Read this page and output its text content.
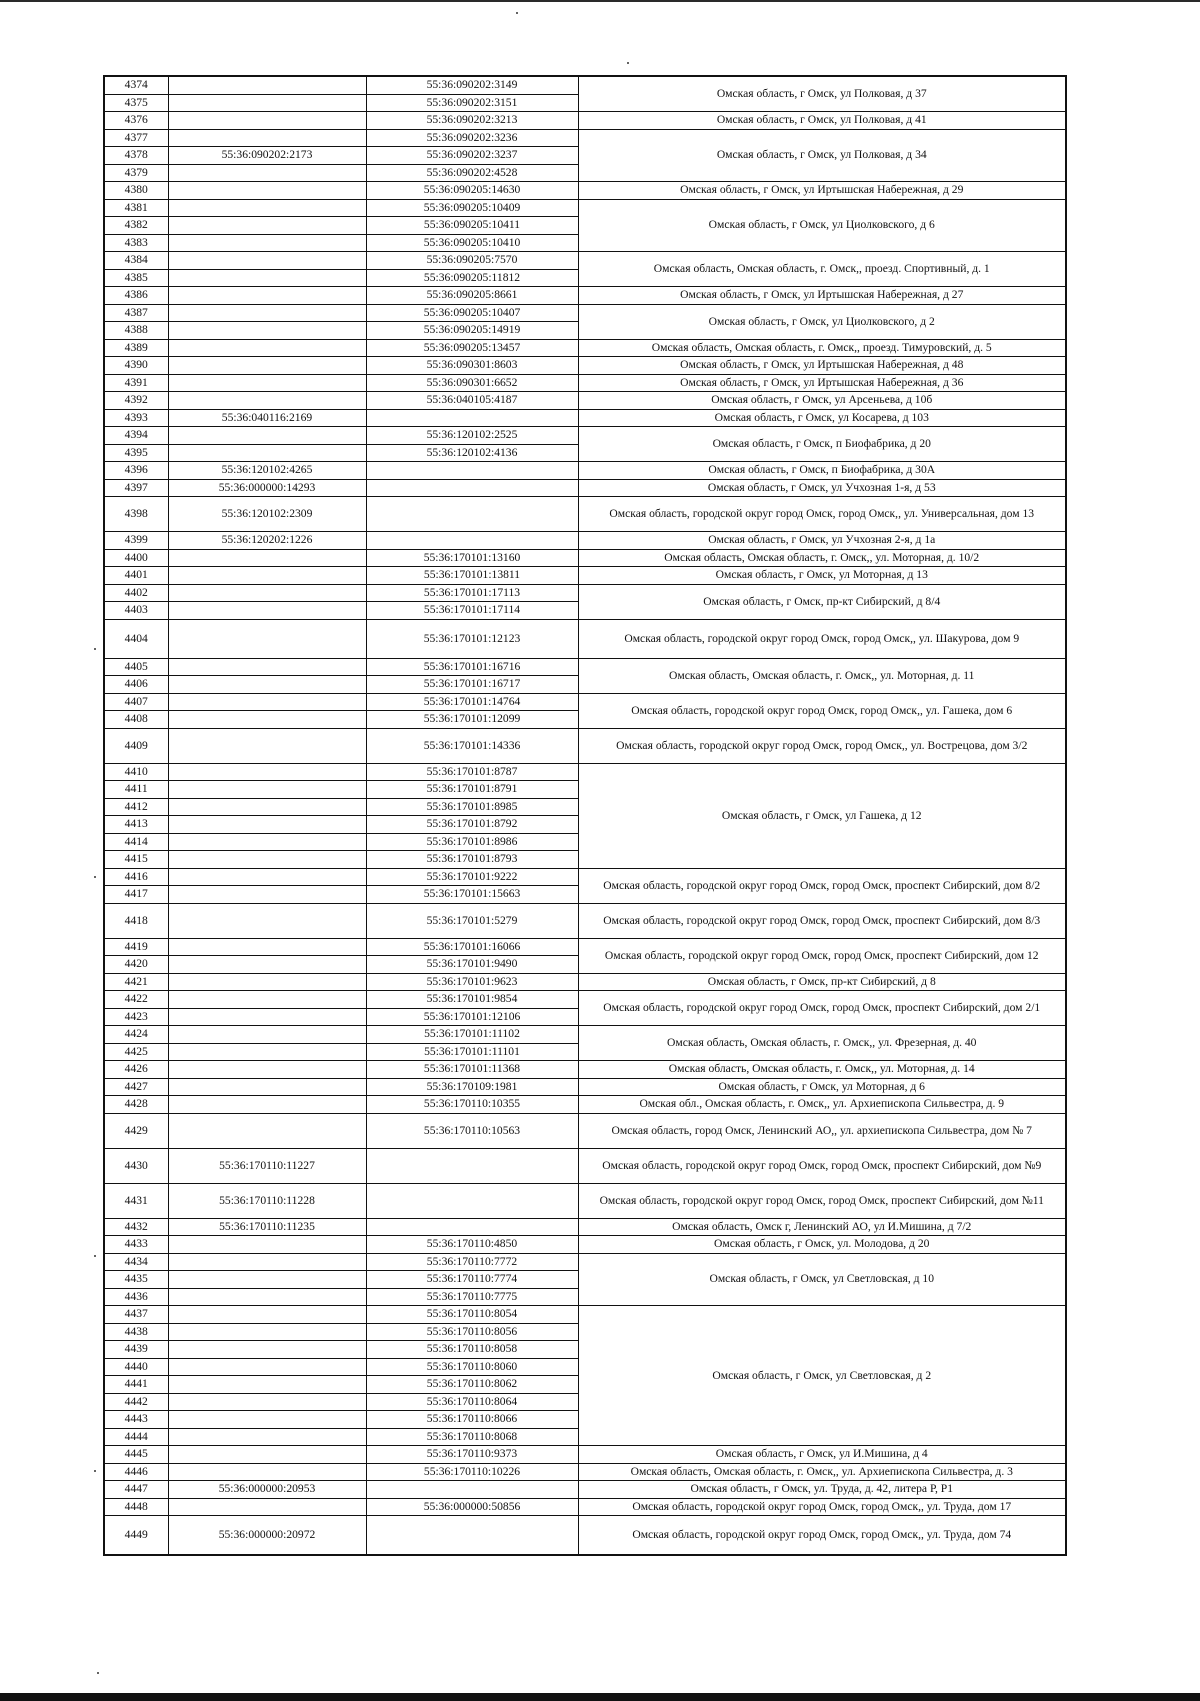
4374		55:36:090202:3149	Омская область, г Омск, ул Полковая, д 37
4375		55:36:090202:3151	
4376		55:36:090202:3213	Омская область, г Омск, ул Полковая, д 41
4377		55:36:090202:3236	Омская область, г Омск, ул Полковая, д 34
4378	55:36:090202:2173	55:36:090202:3237	
4379		55:36:090202:4528	
4380		55:36:090205:14630	Омская область, г Омск, ул Иртышская Набережная, д 29
4381		55:36:090205:10409	Омская область, г Омск, ул Циолковского, д 6
4382		55:36:090205:10411	
4383		55:36:090205:10410	
4384		55:36:090205:7570	Омская область, Омская область, г. Омск,, проезд. Спортивный, д. 1
4385		55:36:090205:11812	
4386		55:36:090205:8661	Омская область, г Омск, ул Иртышская Набережная, д 27
4387		55:36:090205:10407	Омская область, г Омск, ул Циолковского, д 2
4388		55:36:090205:14919	
4389		55:36:090205:13457	Омская область, Омская область, г. Омск,, проезд. Тимуровский, д. 5
4390		55:36:090301:8603	Омская область, г Омск, ул Иртышская Набережная, д 48
4391		55:36:090301:6652	Омская область, г Омск, ул Иртышская Набережная, д 36
4392		55:36:040105:4187	Омская область, г Омск, ул Арсеньева, д 10б
4393	55:36:040116:2169		Омская область, г Омск, ул Косарева, д 103
4394		55:36:120102:2525	Омская область, г Омск, п Биофабрика, д 20
4395		55:36:120102:4136	
4396	55:36:120102:4265		Омская область, г Омск, п Биофабрика, д 30А
4397	55:36:000000:14293		Омская область, г Омск, ул Учхозная 1-я, д 53
4398	55:36:120102:2309		Омская область, городской округ город Омск, город Омск,, ул. Универсальная, дом 13
4399	55:36:120202:1226		Омская область, г Омск, ул Учхозная 2-я, д 1а
4400		55:36:170101:13160	Омская область, Омская область, г. Омск,, ул. Моторная, д. 10/2
4401		55:36:170101:13811	Омская область, г Омск, ул Моторная, д 13
4402		55:36:170101:17113	Омская область, г Омск, пр-кт Сибирский, д 8/4
4403		55:36:170101:17114	
4404		55:36:170101:12123	Омская область, городской округ город Омск, город Омск,, ул. Шакурова, дом 9
4405		55:36:170101:16716	Омская область, Омская область, г. Омск,, ул. Моторная, д. 11
4406		55:36:170101:16717	
4407		55:36:170101:14764	Омская область, городской округ город Омск, город Омск,, ул. Гашека, дом 6
4408		55:36:170101:12099	
4409		55:36:170101:14336	Омская область, городской округ город Омск, город Омск,, ул. Вострецова, дом 3/2
4410		55:36:170101:8787	Омская область, г Омск, ул Гашека, д 12
4411		55:36:170101:8791	
4412		55:36:170101:8985	
4413		55:36:170101:8792	
4414		55:36:170101:8986	
4415		55:36:170101:8793	
4416		55:36:170101:9222	Омская область, городской округ город Омск, город Омск, проспект Сибирский, дом 8/2
4417		55:36:170101:15663	
4418		55:36:170101:5279	Омская область, городской округ город Омск, город Омск, проспект Сибирский, дом 8/3
4419		55:36:170101:16066	Омская область, городской округ город Омск, город Омск, проспект Сибирский, дом 12
4420		55:36:170101:9490	
4421		55:36:170101:9623	Омская область, г Омск, пр-кт Сибирский, д 8
4422		55:36:170101:9854	Омская область, городской округ город Омск, город Омск, проспект Сибирский, дом 2/1
4423		55:36:170101:12106	
4424		55:36:170101:11102	Омская область, Омская область, г. Омск,, ул. Фрезерная, д. 40
4425		55:36:170101:11101	
4426		55:36:170101:11368	Омская область, Омская область, г. Омск,, ул. Моторная, д. 14
4427		55:36:170109:1981	Омская область, г Омск, ул Моторная, д 6
4428		55:36:170110:10355	Омская обл., Омская область, г. Омск,, ул. Архиепископа Сильвестра, д. 9
4429		55:36:170110:10563	Омская область, город Омск, Ленинский АО,, ул. архиепископа Сильвестра, дом № 7
4430	55:36:170110:11227		Омская область, городской округ город Омск, город Омск, проспект Сибирский, дом №9
4431	55:36:170110:11228		Омская область, городской округ город Омск, город Омск, проспект Сибирский, дом №11
4432	55:36:170110:11235		Омская область, Омск г, Ленинский АО, ул И.Мишина, д 7/2
4433		55:36:170110:4850	Омская область, г Омск, ул. Молодова, д 20
4434		55:36:170110:7772	Омская область, г Омск, ул Светловская, д 10
4435		55:36:170110:7774	
4436		55:36:170110:7775	
4437		55:36:170110:8054	Омская область, г Омск, ул Светловская, д 2
4438		55:36:170110:8056	
4439		55:36:170110:8058	
4440		55:36:170110:8060	
4441		55:36:170110:8062	
4442		55:36:170110:8064	
4443		55:36:170110:8066	
4444		55:36:170110:8068	
4445		55:36:170110:9373	Омская область, г Омск, ул И.Мишина, д 4
4446		55:36:170110:10226	Омская область, Омская область, г. Омск,, ул. Архиепископа Сильвестра, д. 3
4447	55:36:000000:20953		Омская область, г Омск, ул. Труда, д. 42, литера Р, Р1
4448		55:36:000000:50856	Омская область, городской округ город Омск, город Омск,, ул. Труда, дом 17
4449	55:36:000000:20972		Омская область, городской округ город Омск, город Омск,, ул. Труда, дом 74
